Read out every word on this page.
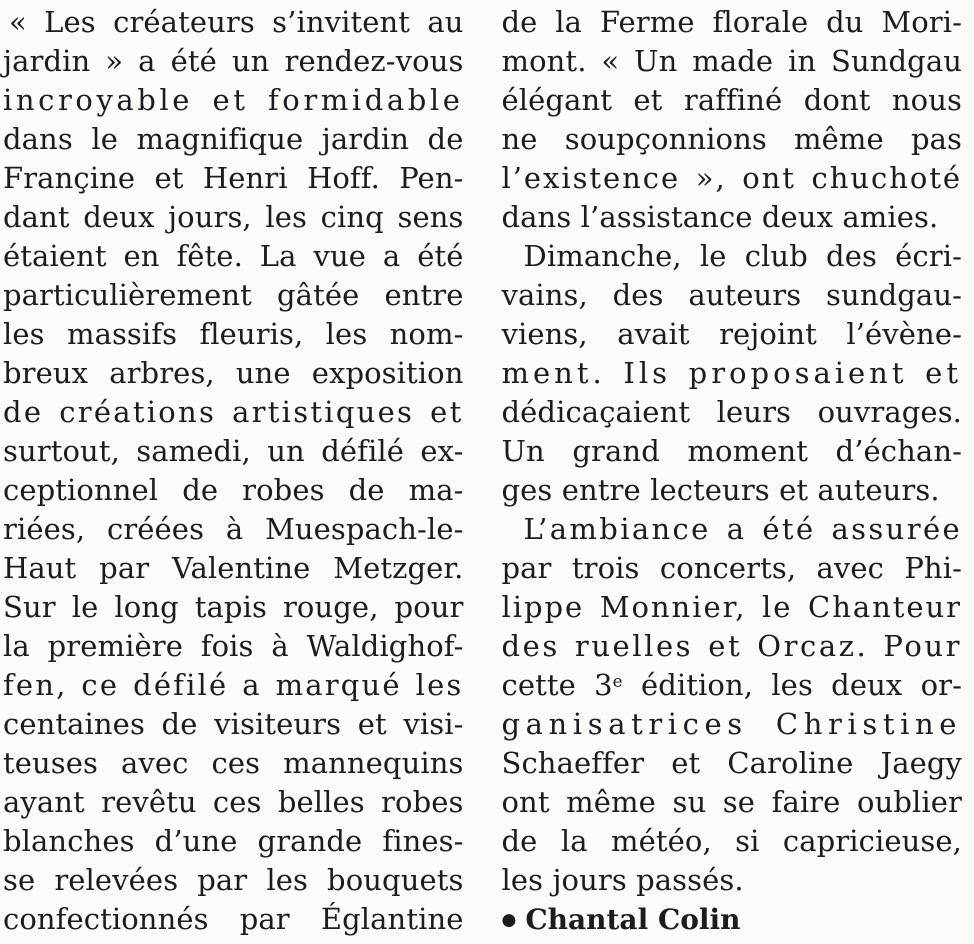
« Les créateurs s’invitent au
jardin » a été un rendez-vous
incroyable et formidable
dans le magnifique jardin de
Françine et Henri Hoff. Pen-
dant deux jours, les cinq sens
étaient en fête. La vue a été
particulièrement gâtée entre
les massifs fleuris, les nom-
breux arbres, une exposition
de créations artistiques et
surtout, samedi, un défilé ex-
ceptionnel de robes de ma-
riées, créées à Muespach-le-
Haut par Valentine Metzger.
Sur le long tapis rouge, pour
la première fois à Waldighof-
fen, ce défilé a marqué les
centaines de visiteurs et visi-
teuses avec ces mannequins
ayant revêtu ces belles robes
blanches d’une grande fines-
se relevées par les bouquets
confectionnés par Églantine
de la Ferme florale du Mori-
mont. « Un made in Sundgau
élégant et raffiné dont nous
ne soupçonnions même pas
l’existence », ont chuchoté
dans l’assistance deux amies.
Dimanche, le club des écri-
vains, des auteurs sundgau-
viens, avait rejoint l’évène-
ment. Ils proposaient et
dédicaçaient leurs ouvrages.
Un grand moment d’échan-
ges entre lecteurs et auteurs.
L’ambiance a été assurée
par trois concerts, avec Phi-
lippe Monnier, le Chanteur
des ruelles et Orcaz. Pour
cette 3e édition, les deux or-
ganisatrices Christine
Schaeffer et Caroline Jaegy
ont même su se faire oublier
de la météo, si capricieuse,
les jours passés.
● Chantal Colin
